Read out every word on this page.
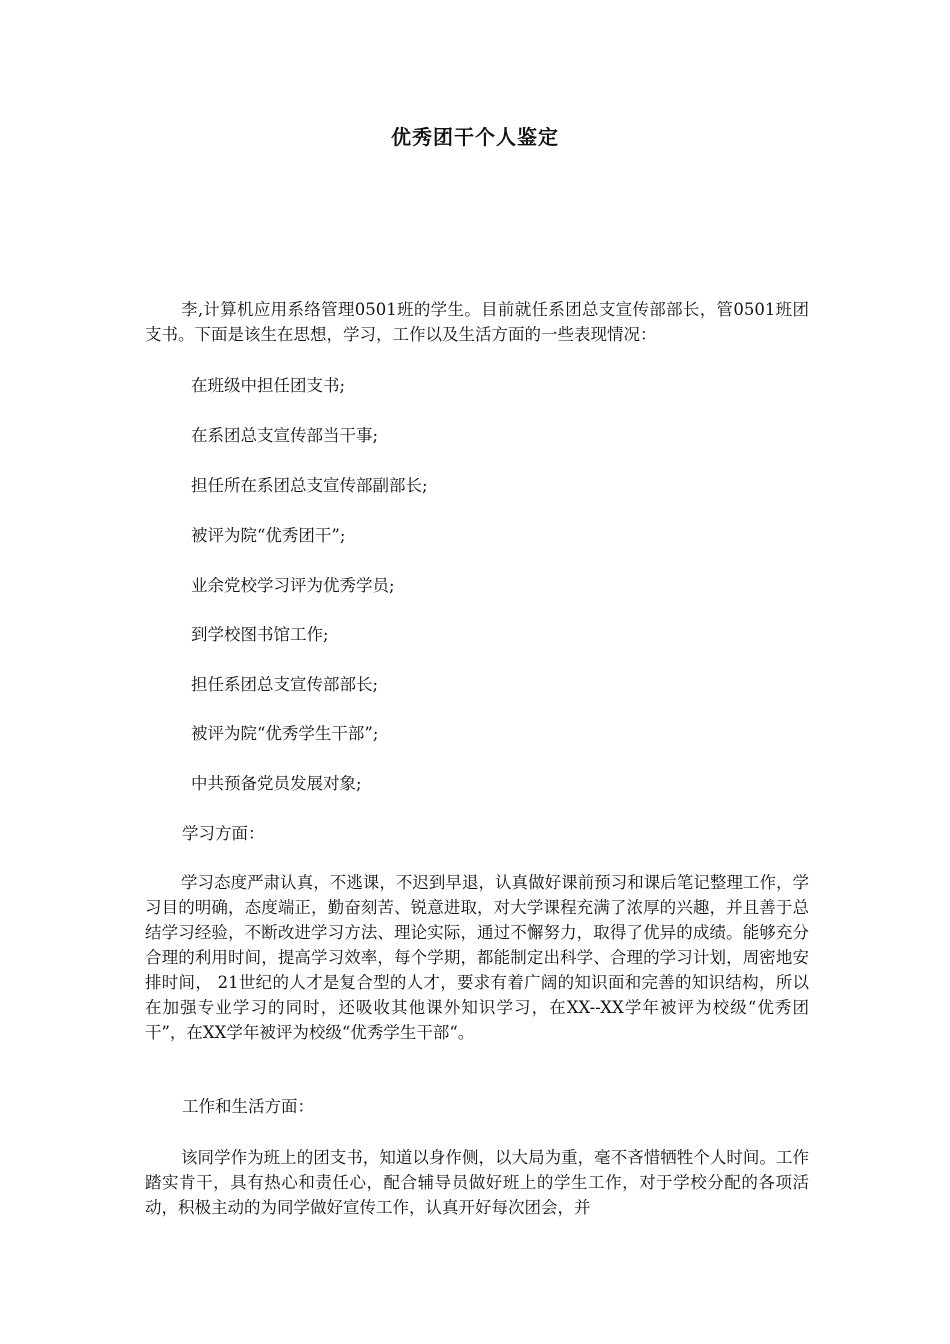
优秀团干个人鉴定
李,计算机应用系络管理0501班的学生。目前就任系团总支宣传部部长，管0501班团支书。下面是该生在思想，学习，工作以及生活方面的一些表现情况：
在班级中担任团支书;
在系团总支宣传部当干事;
担任所在系团总支宣传部副部长;
被评为院“优秀团干”;
业余党校学习评为优秀学员;
到学校图书馆工作;
担任系团总支宣传部部长;
被评为院“优秀学生干部”;
中共预备党员发展对象;
学习方面：
学习态度严肃认真，不逃课，不迟到早退，认真做好课前预习和课后笔记整理工作，学习目的明确，态度端正，勤奋刻苦、锐意进取，对大学课程充满了浓厚的兴趣，并且善于总结学习经验，不断改进学习方法、理论实际，通过不懈努力，取得了优异的成绩。能够充分合理的利用时间，提高学习效率，每个学期，都能制定出科学、合理的学习计划，周密地安排时间， 21世纪的人才是复合型的人才，要求有着广阔的知识面和完善的知识结构，所以在加强专业学习的同时，还吸收其他课外知识学习，在XX--XX学年被评为校级“优秀团干”，在XX学年被评为校级“优秀学生干部“。
工作和生活方面：
该同学作为班上的团支书，知道以身作侧，以大局为重，毫不吝惜牺牲个人时间。工作踏实肯干，具有热心和责任心，配合辅导员做好班上的学生工作，对于学校分配的各项活动，积极主动的为同学做好宣传工作，认真开好每次团会，并
